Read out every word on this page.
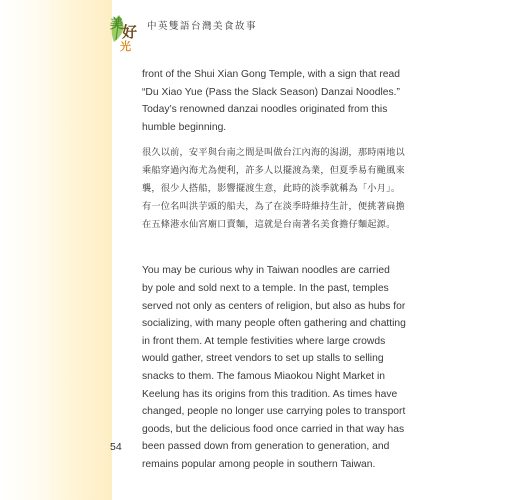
美
好
光
中英雙語台灣美食故事
front of the Shui Xian Gong Temple, with a sign that read
“Du Xiao Yue (Pass the Slack Season) Danzai Noodles.”
Today’s renowned danzai noodles originated from this
humble beginning.
很久以前，安平與台南之間是叫做台江內海的潟湖，那時兩地以
乘船穿過內海尤為便利，許多人以擺渡為業，但夏季易有颱風來
襲，很少人搭船，影響擺渡生意，此時的淡季就稱為「小月」。
有一位名叫洪芋頭的船夫，為了在淡季時維持生計，便挑著扁擔
在五條港水仙宮廟口賣麵，這就是台南著名美食擔仔麵起源。
You may be curious why in Taiwan noodles are carried
by pole and sold next to a temple. In the past, temples
served not only as centers of religion, but also as hubs for
socializing, with many people often gathering and chatting
in front them. At temple festivities where large crowds
would gather, street vendors to set up stalls to selling
snacks to them. The famous Miaokou Night Market in
Keelung has its origins from this tradition. As times have
changed, people no longer use carrying poles to transport
goods, but the delicious food once carried in that way has
been passed down from generation to generation, and
remains popular among people in southern Taiwan.
54
